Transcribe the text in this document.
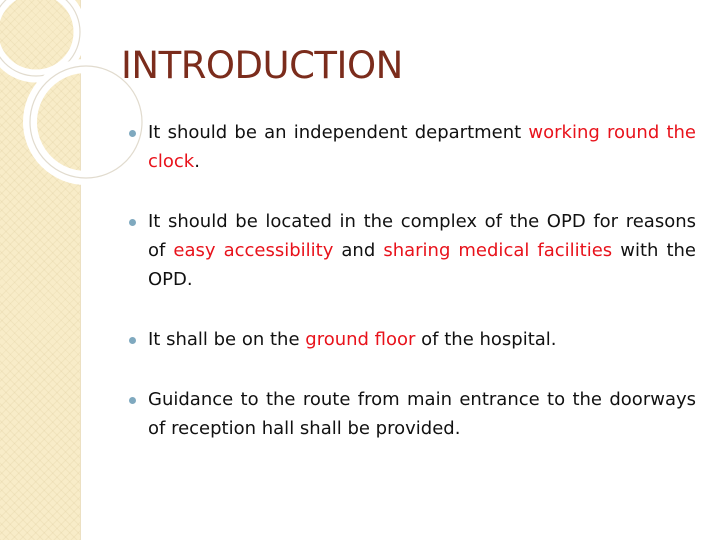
INTRODUCTION
It should be an independent department working round the clock.
It should be located in the complex of the OPD for reasons of easy accessibility and sharing medical facilities with the OPD.
It shall be on the ground floor of the hospital.
Guidance to the route from main entrance to the doorways of reception hall shall be provided.
